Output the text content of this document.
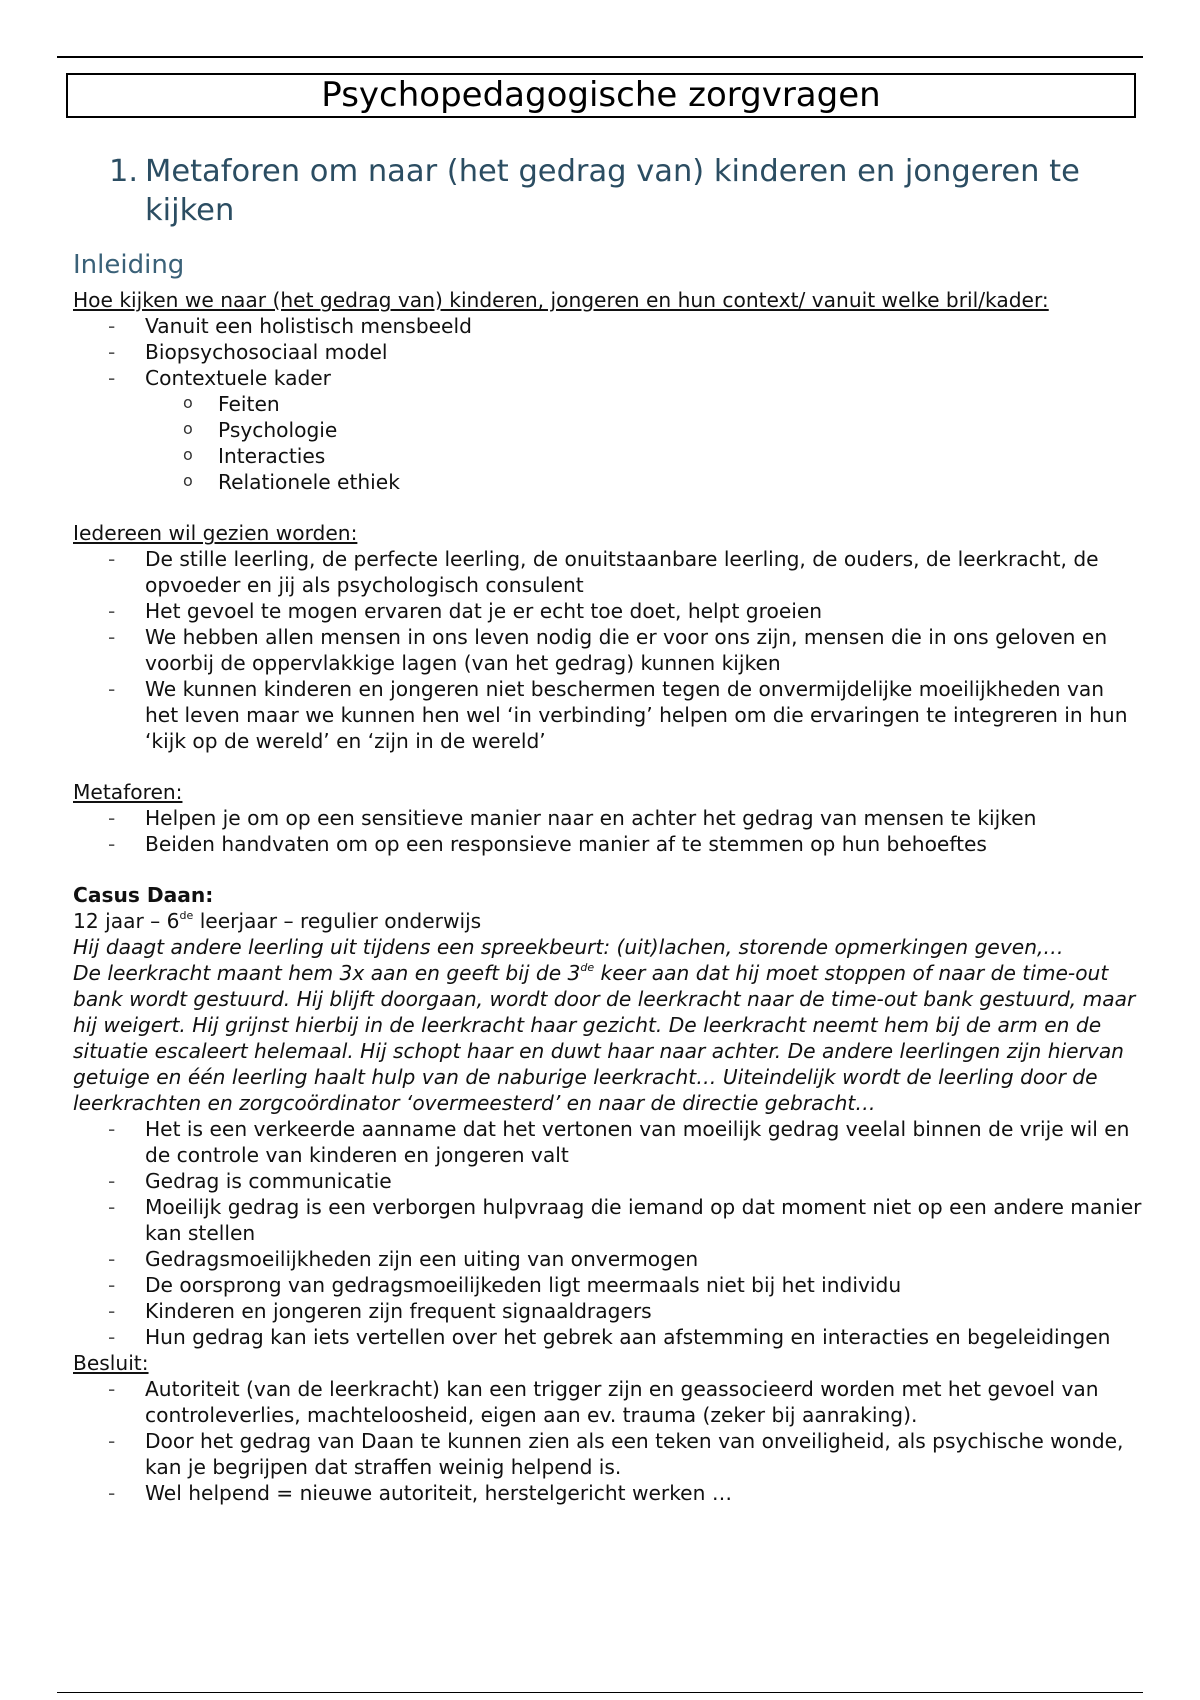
Psychopedagogische zorgvragen
1. Metaforen om naar (het gedrag van) kinderen en jongeren te kijken
Inleiding
Hoe kijken we naar (het gedrag van) kinderen, jongeren en hun context/ vanuit welke bril/kader:
- Vanuit een holistisch mensbeeld
- Biopsychosociaal model
- Contextuele kader
o Feiten
o Psychologie
o Interacties
o Relationele ethiek
Iedereen wil gezien worden:
- De stille leerling, de perfecte leerling, de onuitstaanbare leerling, de ouders, de leerkracht, de opvoeder en jij als psychologisch consulent
- Het gevoel te mogen ervaren dat je er echt toe doet, helpt groeien
- We hebben allen mensen in ons leven nodig die er voor ons zijn, mensen die in ons geloven en voorbij de oppervlakkige lagen (van het gedrag) kunnen kijken
- We kunnen kinderen en jongeren niet beschermen tegen de onvermijdelijke moeilijkheden van het leven maar we kunnen hen wel ‘in verbinding’ helpen om die ervaringen te integreren in hun ‘kijk op de wereld’ en ‘zijn in de wereld’
Metaforen:
- Helpen je om op een sensitieve manier naar en achter het gedrag van mensen te kijken
- Beiden handvaten om op een responsieve manier af te stemmen op hun behoeftes
Casus Daan:
12 jaar – 6de leerjaar – regulier onderwijs
Hij daagt andere leerling uit tijdens een spreekbeurt: (uit)lachen, storende opmerkingen geven,…
De leerkracht maant hem 3x aan en geeft bij de 3de keer aan dat hij moet stoppen of naar de time-out bank wordt gestuurd. Hij blijft doorgaan, wordt door de leerkracht naar de time-out bank gestuurd, maar hij weigert. Hij grijnst hierbij in de leerkracht haar gezicht. De leerkracht neemt hem bij de arm en de situatie escaleert helemaal. Hij schopt haar en duwt haar naar achter. De andere leerlingen zijn hiervan getuige en één leerling haalt hulp van de naburige leerkracht… Uiteindelijk wordt de leerling door de leerkrachten en zorgcoördinator ‘overmeesterd’ en naar de directie gebracht…
- Het is een verkeerde aanname dat het vertonen van moeilijk gedrag veelal binnen de vrije wil en de controle van kinderen en jongeren valt
- Gedrag is communicatie
- Moeilijk gedrag is een verborgen hulpvraag die iemand op dat moment niet op een andere manier kan stellen
- Gedragsmoeilijkheden zijn een uiting van onvermogen
- De oorsprong van gedragsmoeilijkeden ligt meermaals niet bij het individu
- Kinderen en jongeren zijn frequent signaaldragers
- Hun gedrag kan iets vertellen over het gebrek aan afstemming en interacties en begeleidingen
Besluit:
- Autoriteit (van de leerkracht) kan een trigger zijn en geassocieerd worden met het gevoel van controleverlies, machteloosheid, eigen aan ev. trauma (zeker bij aanraking).
- Door het gedrag van Daan te kunnen zien als een teken van onveiligheid, als psychische wonde, kan je begrijpen dat straffen weinig helpend is.
- Wel helpend = nieuwe autoriteit, herstelgericht werken …
